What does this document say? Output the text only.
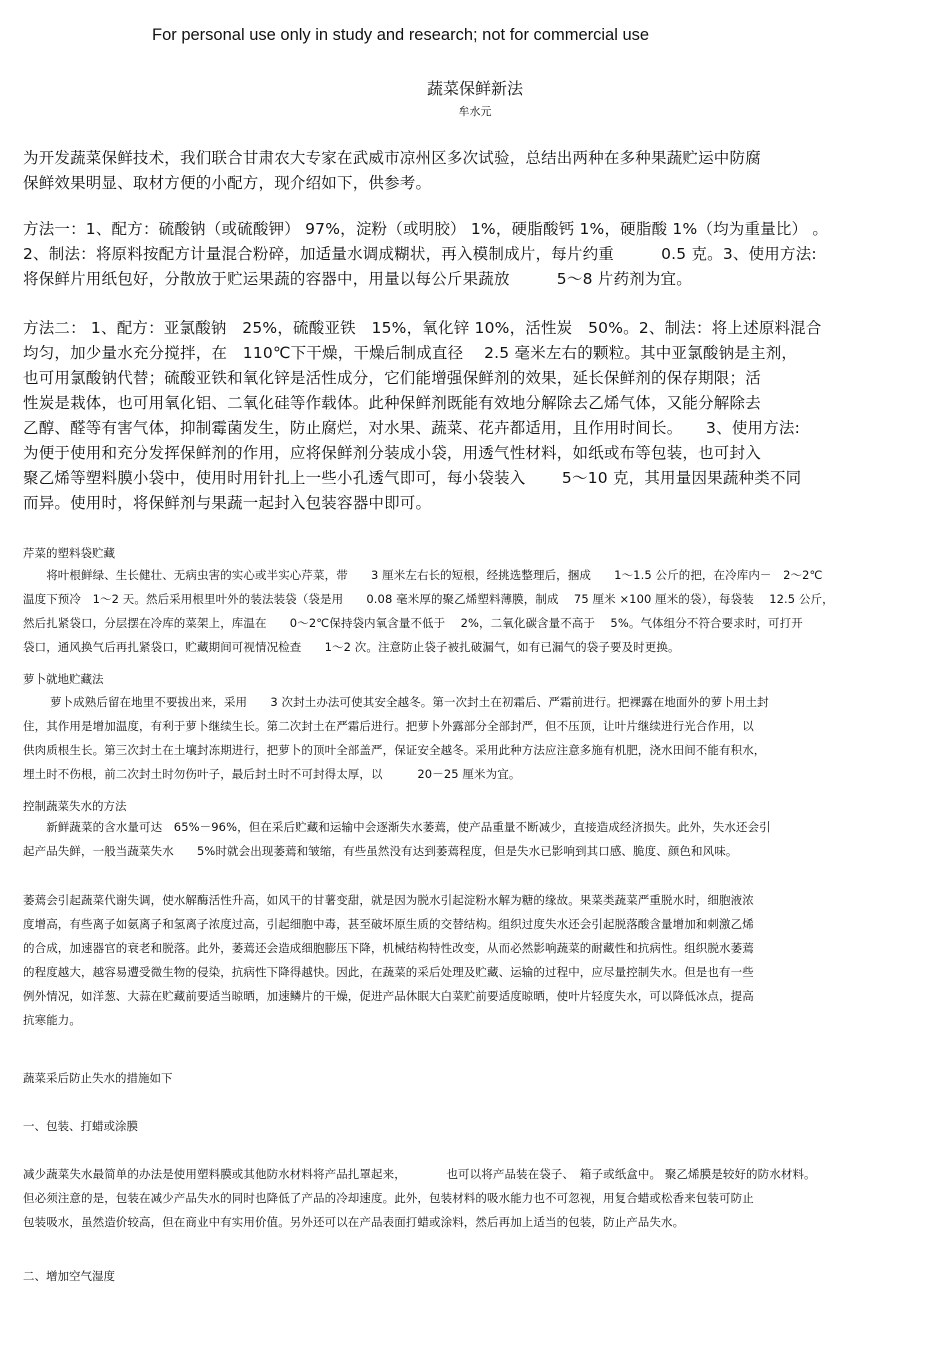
For personal use only in study and research; not for commercial use
蔬菜保鲜新法
牟水元
为开发蔬菜保鲜技术，我们联合甘肃农大专家在武威市凉州区多次试验，总结出两种在多种果蔬贮运中防腐
保鲜效果明显、取材方便的小配方，现介绍如下，供参考。
方法一：1、配方：硫酸钠（或硫酸钾） 97%，淀粉（或明胶） 1%，硬脂酸钙 1%，硬脂酸 1%（均为重量比） 。
2、制法：将原料按配方计量混合粉碎，加适量水调成糊状，再入模制成片，每片约重　　　0.5 克。3、使用方法:
将保鲜片用纸包好，分散放于贮运果蔬的容器中，用量以每公斤果蔬放　　　5～8 片药剂为宜。
方法二： 1、配方：亚氯酸钠　25%，硫酸亚铁　15%，氧化锌 10%，活性炭　50%。2、制法：将上述原料混合
均匀，加少量水充分搅拌，在　110℃下干燥，干燥后制成直径　 2.5 毫米左右的颗粒。其中亚氯酸钠是主剂，
也可用氯酸钠代替；硫酸亚铁和氧化锌是活性成分，它们能增强保鲜剂的效果，延长保鲜剂的保存期限；活
性炭是栽体，也可用氧化铝、二氧化硅等作载体。此种保鲜剂既能有效地分解除去乙烯气体，又能分解除去
乙醇、醛等有害气体，抑制霉菌发生，防止腐烂，对水果、蔬菜、花卉都适用，且作用时间长。　　3、使用方法:
为便于使用和充分发挥保鲜剂的作用，应将保鲜剂分装成小袋，用透气性材料，如纸或布等包装，也可封入
聚乙烯等塑料膜小袋中，使用时用针扎上一些小孔透气即可，每小袋装入　　 5～10 克，其用量因果蔬种类不同
而异。使用时，将保鲜剂与果蔬一起封入包装容器中即可。
芹菜的塑料袋贮藏
　　将叶根鲜绿、生长健壮、无病虫害的实心或半实心芹菜，带　　3 厘米左右长的短根，经挑选整理后，捆成　　1～1.5 公斤的把，在冷库内－　2～2℃
温度下预冷　1～2 天。然后采用根里叶外的装法装袋（袋是用　　0.08 毫米厚的聚乙烯塑料薄膜，制成　 75 厘米 ×100 厘米的袋），每袋装　 12.5 公斤，
然后扎紧袋口，分层摆在冷库的菜架上，库温在　　0～2℃保持袋内氧含量不低于　 2%，二氧化碳含量不高于　 5%。气体组分不符合要求时，可打开
袋口，通风换气后再扎紧袋口，贮藏期间可视情况检查　　1～2 次。注意防止袋子被扎破漏气，如有已漏气的袋子要及时更换。
萝卜就地贮藏法
　　 萝卜成熟后留在地里不要拔出来，采用　　3 次封土办法可使其安全越冬。第一次封土在初霜后、严霜前进行。把裸露在地面外的萝卜用土封
住，其作用是增加温度，有利于萝卜继续生长。第二次封土在严霜后进行。把萝卜外露部分全部封严，但不压顶，让叶片继续进行光合作用，以
供肉质根生长。第三次封土在土壤封冻期进行，把萝卜的顶叶全部盖严，保证安全越冬。采用此种方法应注意多施有机肥，浇水田间不能有积水，
埋土时不伤根，前二次封土时勿伤叶子，最后封土时不可封得太厚，以　　　20－25 厘米为宜。
控制蔬菜失水的方法
　　新鲜蔬菜的含水量可达　65%－96%，但在采后贮藏和运输中会逐渐失水萎蔫，使产品重量不断减少，直接造成经济损失。此外，失水还会引
起产品失鲜，一般当蔬菜失水　　5%时就会出现萎蔫和皱缩，有些虽然没有达到萎蔫程度，但是失水已影响到其口感、脆度、颜色和风味。
萎蔫会引起蔬菜代谢失调，使水解酶活性升高，如风干的甘薯变甜，就是因为脱水引起淀粉水解为糖的缘故。果菜类蔬菜严重脱水时，细胞液浓
度增高，有些离子如氨离子和氢离子浓度过高，引起细胞中毒，甚至破坏原生质的交替结构。组织过度失水还会引起脱落酸含量增加和刺激乙烯
的合成，加速器官的衰老和脱落。此外，萎蔫还会造成细胞膨压下降，机械结构特性改变，从而必然影响蔬菜的耐藏性和抗病性。组织脱水萎蔫
的程度越大，越容易遭受微生物的侵染，抗病性下降得越快。因此，在蔬菜的采后处理及贮藏、运输的过程中，应尽量控制失水。但是也有一些
例外情况，如洋葱、大蒜在贮藏前要适当晾晒，加速鳞片的干燥，促进产品休眠大白菜贮前要适度晾晒，使叶片轻度失水，可以降低冰点，提高
抗寒能力。
蔬菜采后防止失水的措施如下
一、包装、打蜡或涂膜
减少蔬菜失水最简单的办法是使用塑料膜或其他防水材料将产品扎罩起来，　　　　也可以将产品装在袋子、　箱子或纸盒中。 聚乙烯膜是较好的防水材料。
但必须注意的是，包装在减少产品失水的同时也降低了产品的冷却速度。此外，包装材料的吸水能力也不可忽视，用复合蜡或松香来包装可防止
包装吸水，虽然造价较高，但在商业中有实用价值。另外还可以在产品表面打蜡或涂料，然后再加上适当的包装，防止产品失水。
二、增加空气湿度
